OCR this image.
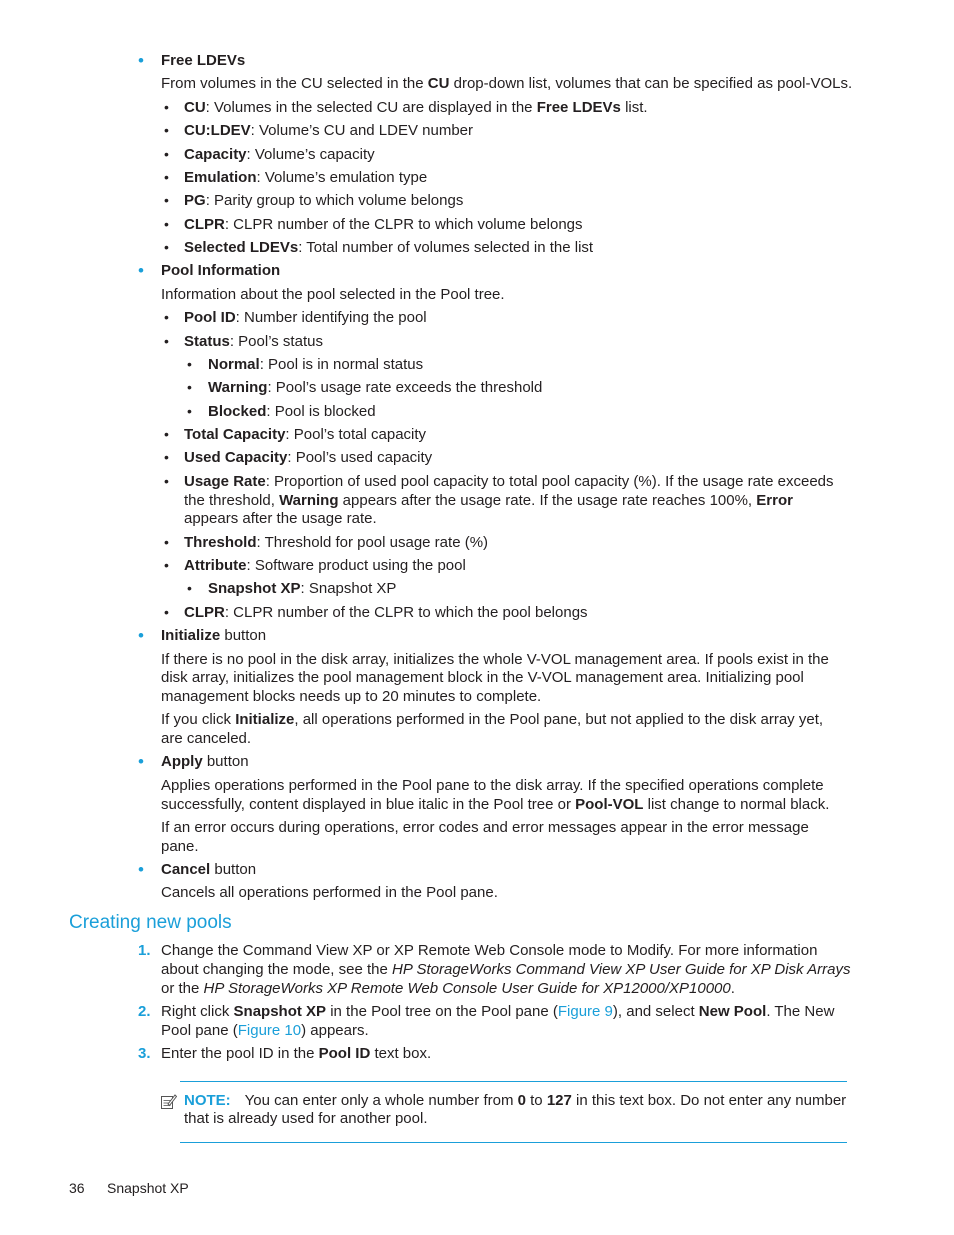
• Free LDEVs
From volumes in the CU selected in the CU drop-down list, volumes that can be specified as pool-VOLs.
• CU: Volumes in the selected CU are displayed in the Free LDEVs list.
• CU:LDEV: Volume’s CU and LDEV number
• Capacity: Volume’s capacity
• Emulation: Volume’s emulation type
• PG: Parity group to which volume belongs
• CLPR: CLPR number of the CLPR to which volume belongs
• Selected LDEVs: Total number of volumes selected in the list
• Pool Information
Information about the pool selected in the Pool tree.
• Pool ID: Number identifying the pool
• Status: Pool’s status
• Normal: Pool is in normal status
• Warning: Pool’s usage rate exceeds the threshold
• Blocked: Pool is blocked
• Total Capacity: Pool’s total capacity
• Used Capacity: Pool’s used capacity
• Usage Rate: Proportion of used pool capacity to total pool capacity (%). If the usage rate exceeds
the threshold, Warning appears after the usage rate. If the usage rate reaches 100%, Error
appears after the usage rate.
• Threshold: Threshold for pool usage rate (%)
• Attribute: Software product using the pool
• Snapshot XP: Snapshot XP
• CLPR: CLPR number of the CLPR to which the pool belongs
• Initialize button
If there is no pool in the disk array, initializes the whole V-VOL management area. If pools exist in the
disk array, initializes the pool management block in the V-VOL management area. Initializing pool
management blocks needs up to 20 minutes to complete.
If you click Initialize, all operations performed in the Pool pane, but not applied to the disk array yet,
are canceled.
• Apply button
Applies operations performed in the Pool pane to the disk array. If the specified operations complete
successfully, content displayed in blue italic in the Pool tree or Pool-VOL list change to normal black.
If an error occurs during operations, error codes and error messages appear in the error message
pane.
• Cancel button
Cancels all operations performed in the Pool pane.
Creating new pools
1. Change the Command View XP or XP Remote Web Console mode to Modify. For more information
about changing the mode, see the HP StorageWorks Command View XP User Guide for XP Disk Arrays
or the HP StorageWorks XP Remote Web Console User Guide for XP12000/XP10000.
2. Right click Snapshot XP in the Pool tree on the Pool pane (Figure 9), and select New Pool. The New
Pool pane (Figure 10) appears.
3. Enter the pool ID in the Pool ID text box.
NOTE: You can enter only a whole number from 0 to 127 in this text box. Do not enter any number
that is already used for another pool.
36 Snapshot XP
